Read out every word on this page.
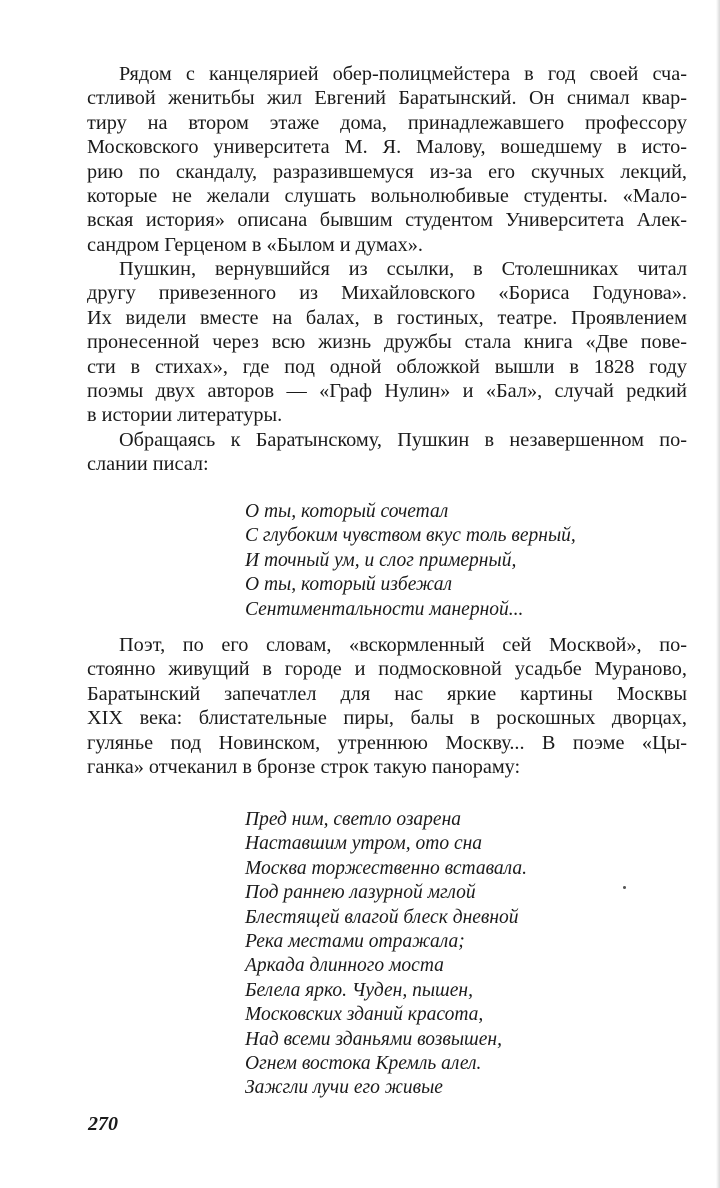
Рядом с канцелярией обер-полицмейстера в год своей сча-
стливой женитьбы жил Евгений Баратынский. Он снимал квар-
тиру на втором этаже дома, принадлежавшего профессору
Московского университета М. Я. Малову, вошедшему в исто-
рию по скандалу, разразившемуся из-за его скучных лекций,
которые не желали слушать вольнолюбивые студенты. «Мало-
вская история» описана бывшим студентом Университета Алек-
сандром Герценом в «Былом и думах».

Пушкин, вернувшийся из ссылки, в Столешниках читал
другу привезенного из Михайловского «Бориса Годунова».
Их видели вместе на балах, в гостиных, театре. Проявлением
пронесенной через всю жизнь дружбы стала книга «Две пове-
сти в стихах», где под одной обложкой вышли в 1828 году
поэмы двух авторов — «Граф Нулин» и «Бал», случай редкий
в истории литературы.

Обращаясь к Баратынскому, Пушкин в незавершенном по-
слании писал:

О ты, который сочетал
С глубоким чувством вкус толь верный,
И точный ум, и слог примерный,
О ты, который избежал
Сентиментальности манерной...

Поэт, по его словам, «вскормленный сей Москвой», по-
стоянно живущий в городе и подмосковной усадьбе Мураново,
Баратынский запечатлел для нас яркие картины Москвы
XIX века: блистательные пиры, балы в роскошных дворцах,
гулянье под Новинском, утреннюю Москву... В поэме «Цы-
ганка» отчеканил в бронзе строк такую панораму:

Пред ним, светло озарена
Наставшим утром, ото сна
Москва торжественно вставала.
Под раннею лазурной мглой
Блестящей влагой блеск дневной
Река местами отражала;
Аркада длинного моста
Белела ярко. Чуден, пышен,
Московских зданий красота,
Над всеми зданьями возвышен,
Огнем востока Кремль алел.
Зажгли лучи его живые
270
